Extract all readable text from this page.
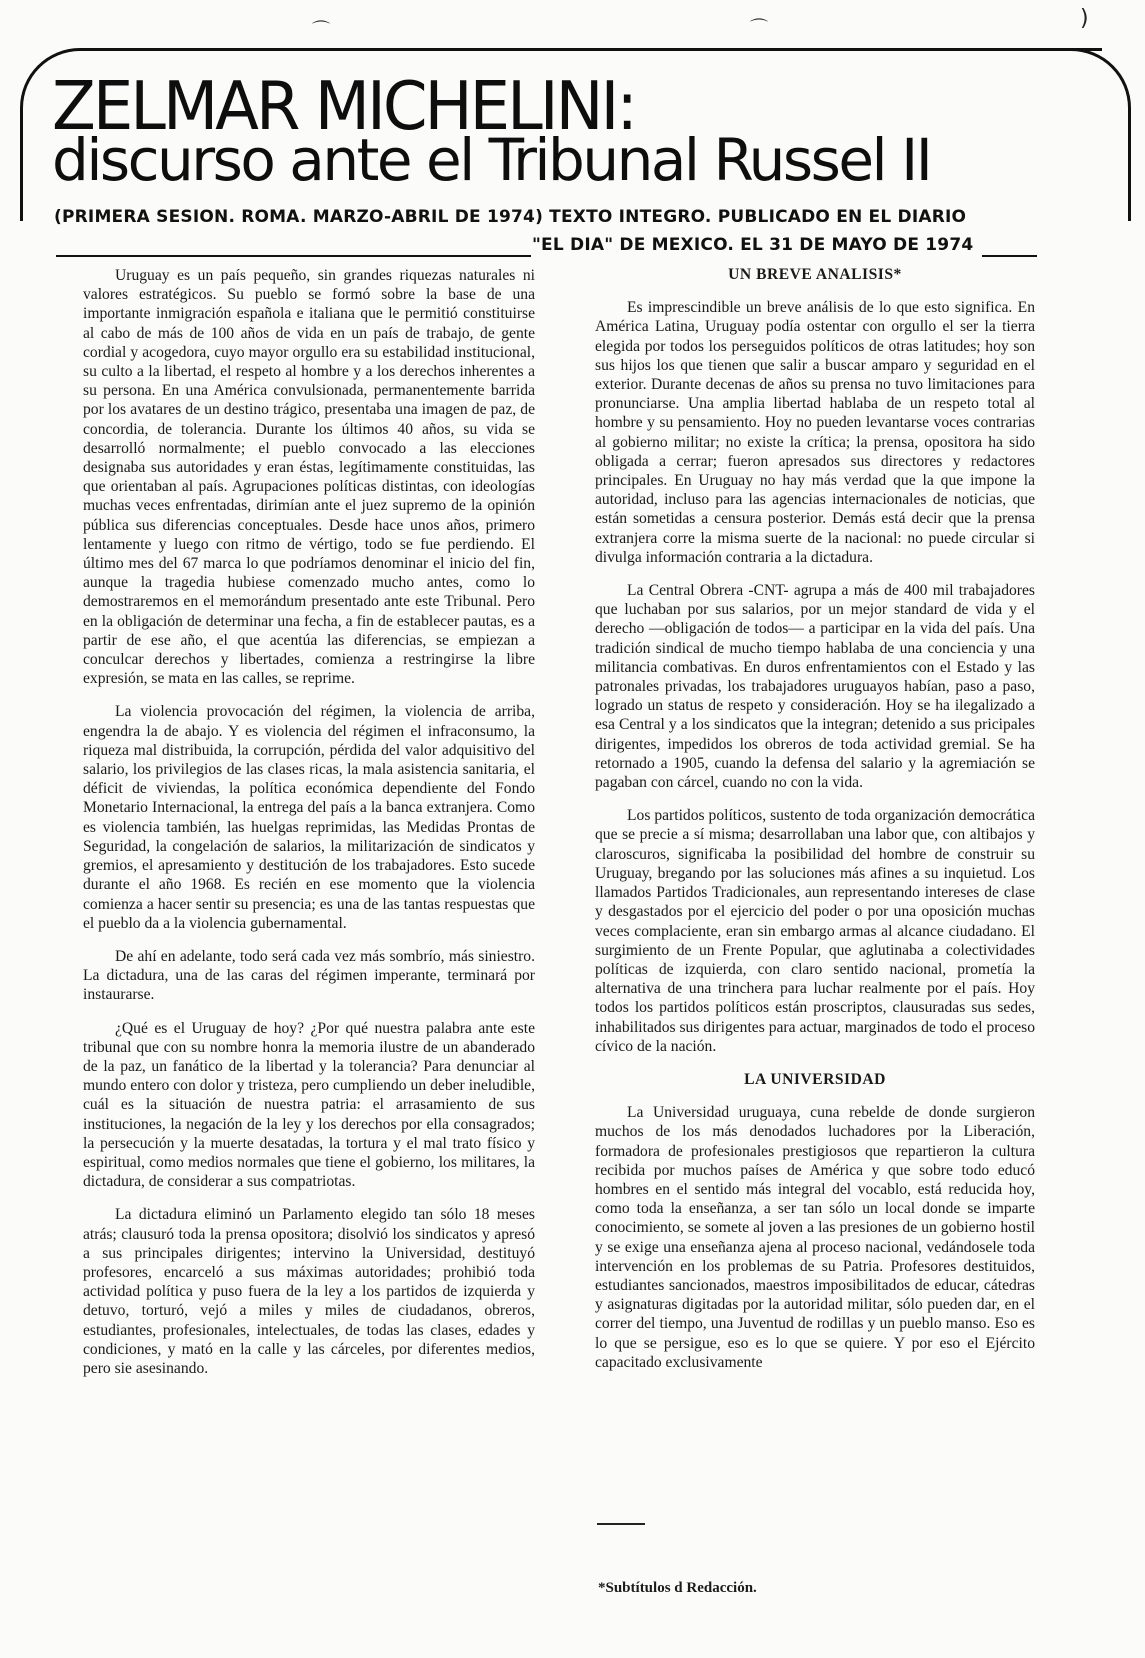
⌒	⌒	)
ZELMAR MICHELINI:
discurso ante el Tribunal Russel II
(PRIMERA SESION. ROMA. MARZO-ABRIL DE 1974) TEXTO INTEGRO. PUBLICADO EN EL DIARIO
"EL DIA" DE MEXICO. EL 31 DE MAYO DE 1974

Uruguay es un país pequeño, sin grandes riquezas naturales ni valores estratégicos. Su pueblo se formó sobre la base de una importante inmigración española e italiana que le permitió constituirse al cabo de más de 100 años de vida en un país de trabajo, de gente cordial y acogedora, cuyo mayor orgullo era su estabilidad institucional, su culto a la libertad, el respeto al hombre y a los derechos inherentes a su persona. En una América convulsionada, permanentemente barrida por los avatares de un destino trágico, presentaba una imagen de paz, de concordia, de tolerancia. Durante los últimos 40 años, su vida se desarrolló normalmente; el pueblo convocado a las elecciones designaba sus autoridades y eran éstas, legítimamente constituidas, las que orientaban al país. Agrupaciones políticas distintas, con ideologías muchas veces enfrentadas, dirimían ante el juez supremo de la opinión pública sus diferencias conceptuales. Desde hace unos años, primero lentamente y luego con ritmo de vértigo, todo se fue perdiendo. El último mes del 67 marca lo que podríamos denominar el inicio del fin, aunque la tragedia hubiese comenzado mucho antes, como lo demostraremos en el memorándum presentado ante este Tribunal. Pero en la obligación de determinar una fecha, a fin de establecer pautas, es a partir de ese año, el que acentúa las diferencias, se empiezan a conculcar derechos y libertades, comienza a restringirse la libre expresión, se mata en las calles, se reprime.

La violencia provocación del régimen, la violencia de arriba, engendra la de abajo. Y es violencia del régimen el infraconsumo, la riqueza mal distribuida, la corrupción, pérdida del valor adquisitivo del salario, los privilegios de las clases ricas, la mala asistencia sanitaria, el déficit de viviendas, la política económica dependiente del Fondo Monetario Internacional, la entrega del país a la banca extranjera. Como es violencia también, las huelgas reprimidas, las Medidas Prontas de Seguridad, la congelación de salarios, la militarización de sindicatos y gremios, el apresamiento y destitución de los trabajadores. Esto sucede durante el año 1968. Es recién en ese momento que la violencia comienza a hacer sentir su presencia; es una de las tantas respuestas que el pueblo da a la violencia gubernamental.

De ahí en adelante, todo será cada vez más sombrío, más siniestro. La dictadura, una de las caras del régimen imperante, terminará por instaurarse.

¿Qué es el Uruguay de hoy? ¿Por qué nuestra palabra ante este tribunal que con su nombre honra la memoria ilustre de un abanderado de la paz, un fanático de la libertad y la tolerancia? Para denunciar al mundo entero con dolor y tristeza, pero cumpliendo un deber ineludible, cuál es la situación de nuestra patria: el arrasamiento de sus instituciones, la negación de la ley y los derechos por ella consagrados; la persecución y la muerte desatadas, la tortura y el mal trato físico y espiritual, como medios normales que tiene el gobierno, los militares, la dictadura, de considerar a sus compatriotas.

La dictadura eliminó un Parlamento elegido tan sólo 18 meses atrás; clausuró toda la prensa opositora; disolvió los sindicatos y apresó a sus principales dirigentes; intervino la Universidad, destituyó profesores, encarceló a sus máximas autoridades; prohibió toda actividad política y puso fuera de la ley a los partidos de izquierda y detuvo, torturó, vejó a miles y miles de ciudadanos, obreros, estudiantes, profesionales, intelectuales, de todas las clases, edades y condiciones, y mató en la calle y las cárceles, por diferentes medios, pero sie asesinando.

UN BREVE ANALISIS*

Es imprescindible un breve análisis de lo que esto significa. En América Latina, Uruguay podía ostentar con orgullo el ser la tierra elegida por todos los perseguidos políticos de otras latitudes; hoy son sus hijos los que tienen que salir a buscar amparo y seguridad en el exterior. Durante decenas de años su prensa no tuvo limitaciones para pronunciarse. Una amplia libertad hablaba de un respeto total al hombre y su pensamiento. Hoy no pueden levantarse voces contrarias al gobierno militar; no existe la crítica; la prensa, opositora ha sido obligada a cerrar; fueron apresados sus directores y redactores principales. En Uruguay no hay más verdad que la que impone la autoridad, incluso para las agencias internacionales de noticias, que están sometidas a censura posterior. Demás está decir que la prensa extranjera corre la misma suerte de la nacional: no puede circular si divulga información contraria a la dictadura.

La Central Obrera -CNT- agrupa a más de 400 mil trabajadores que luchaban por sus salarios, por un mejor standard de vida y el derecho —obligación de todos— a participar en la vida del país. Una tradición sindical de mucho tiempo hablaba de una conciencia y una militancia combativas. En duros enfrentamientos con el Estado y las patronales privadas, los trabajadores uruguayos habían, paso a paso, logrado un status de respeto y consideración. Hoy se ha ilegalizado a esa Central y a los sindicatos que la integran; detenido a sus pricipales dirigentes, impedidos los obreros de toda actividad gremial. Se ha retornado a 1905, cuando la defensa del salario y la agremiación se pagaban con cárcel, cuando no con la vida.

Los partidos políticos, sustento de toda organización democrática que se precie a sí misma; desarrollaban una labor que, con altibajos y claroscuros, significaba la posibilidad del hombre de construir su Uruguay, bregando por las soluciones más afines a su inquietud. Los llamados Partidos Tradicionales, aun representando intereses de clase y desgastados por el ejercicio del poder o por una oposición muchas veces complaciente, eran sin embargo armas al alcance ciudadano. El surgimiento de un Frente Popular, que aglutinaba a colectividades políticas de izquierda, con claro sentido nacional, prometía la alternativa de una trinchera para luchar realmente por el país. Hoy todos los partidos políticos están proscriptos, clausuradas sus sedes, inhabilitados sus dirigentes para actuar, marginados de todo el proceso cívico de la nación.

LA UNIVERSIDAD

La Universidad uruguaya, cuna rebelde de donde surgieron muchos de los más denodados luchadores por la Liberación, formadora de profesionales prestigiosos que repartieron la cultura recibida por muchos países de América y que sobre todo educó hombres en el sentido más integral del vocablo, está reducida hoy, como toda la enseñanza, a ser tan sólo un local donde se imparte conocimiento, se somete al joven a las presiones de un gobierno hostil y se exige una enseñanza ajena al proceso nacional, vedándosele toda intervención en los problemas de su Patria. Profesores destituidos, estudiantes sancionados, maestros imposibilitados de educar, cátedras y asignaturas digitadas por la autoridad militar, sólo pueden dar, en el correr del tiempo, una Juventud de rodillas y un pueblo manso. Eso es lo que se persigue, eso es lo que se quiere. Y por eso el Ejército capacitado exclusivamente

*Subtítulos d Redacción.
